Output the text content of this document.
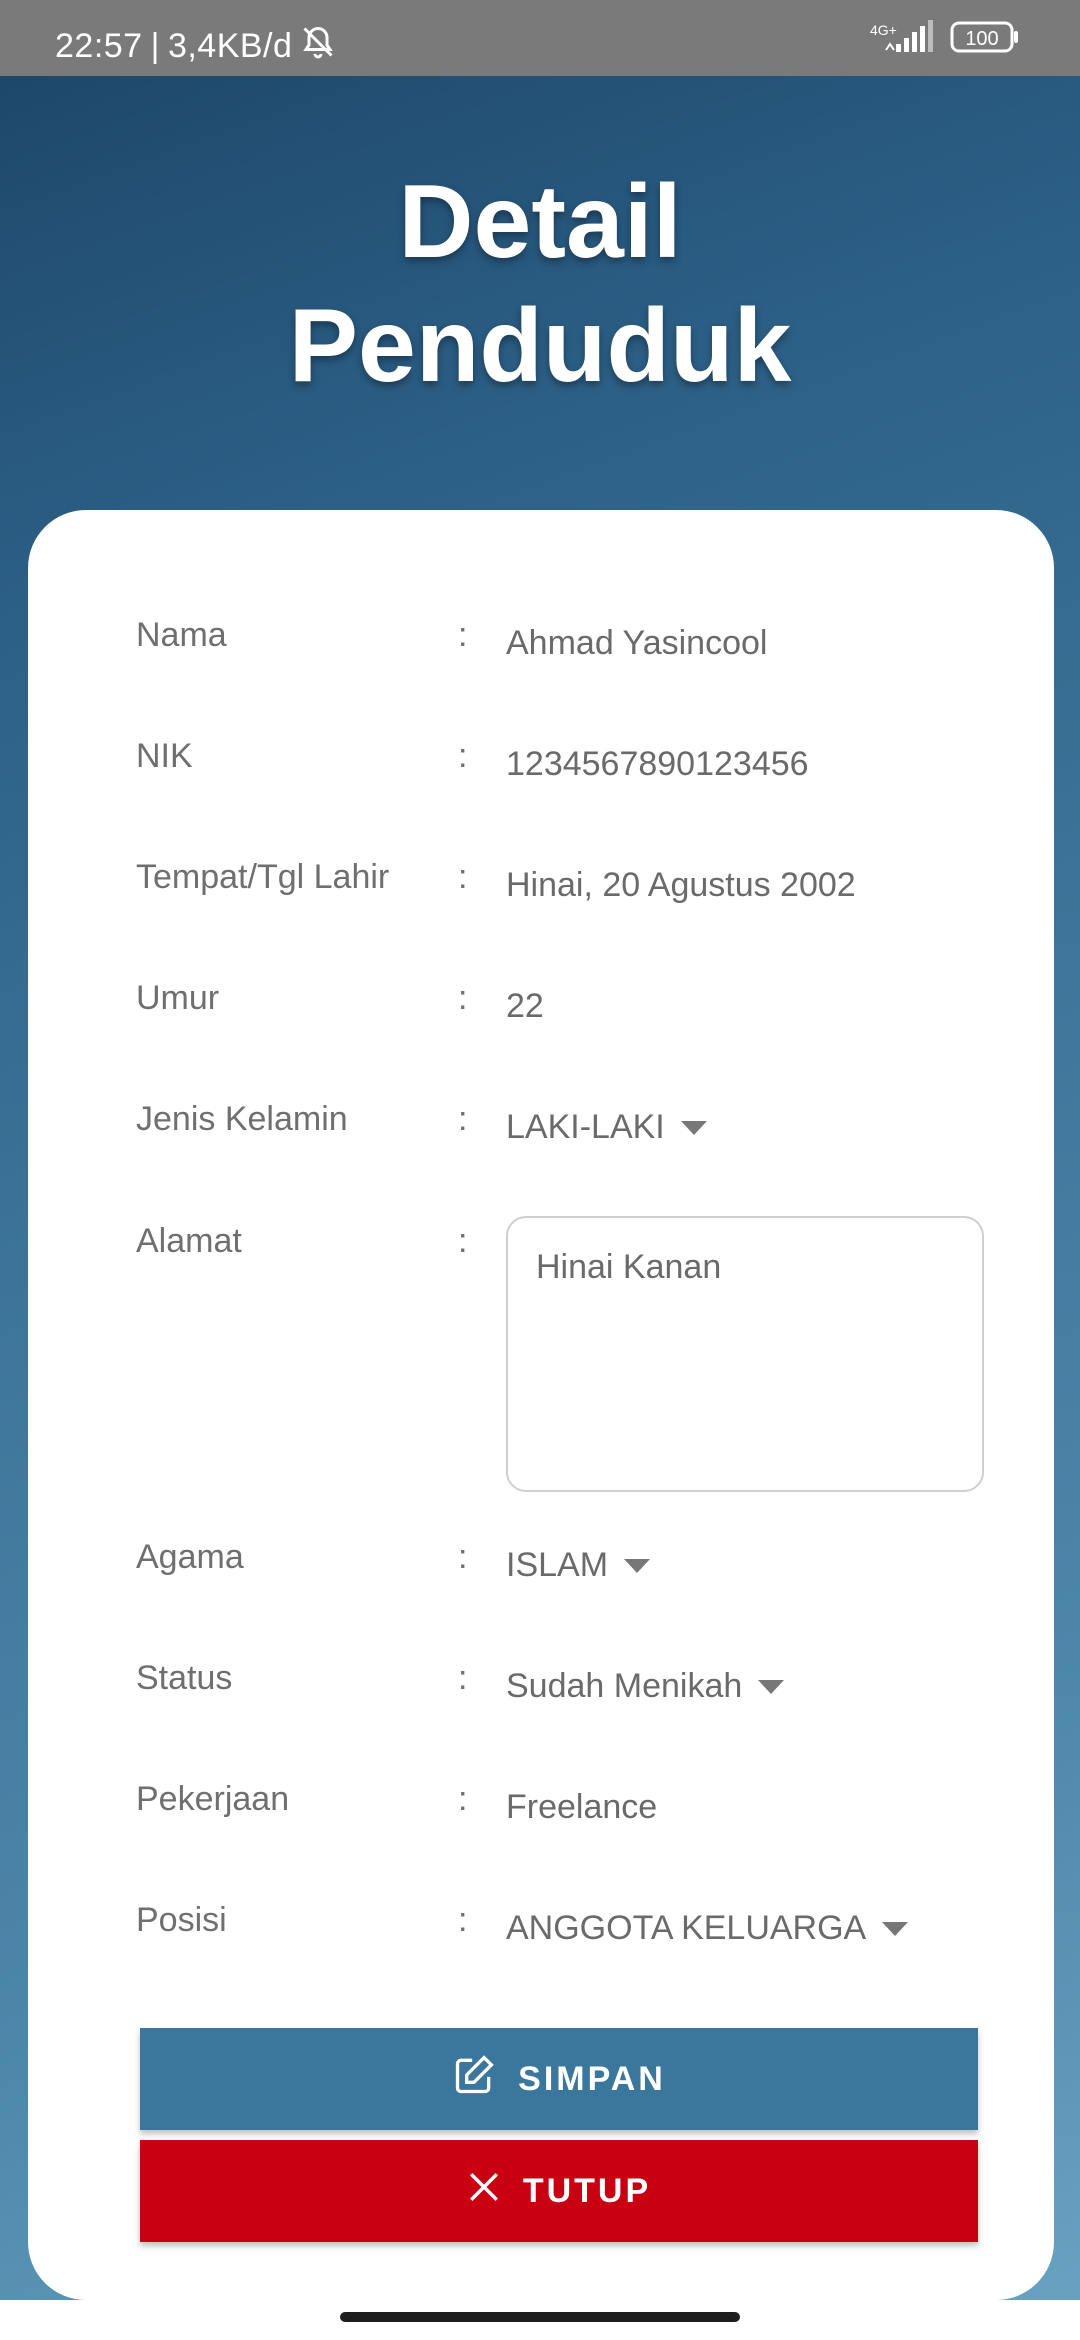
22:57 | 3,4KB/d	4G+	100
Detail
Penduduk
Nama	: Ahmad Yasincool
NIK	: 1234567890123456
Tempat/Tgl Lahir : Hinai, 20 Agustus 2002
Umur	: 22
Jenis Kelamin	: LAKI-LAKI
Alamat	:
Hinai Kanan
Agama	: ISLAM
Status	: Sudah Menikah
Pekerjaan	: Freelance
Posisi	: ANGGOTA KELUARGA
SIMPAN
TUTUP
